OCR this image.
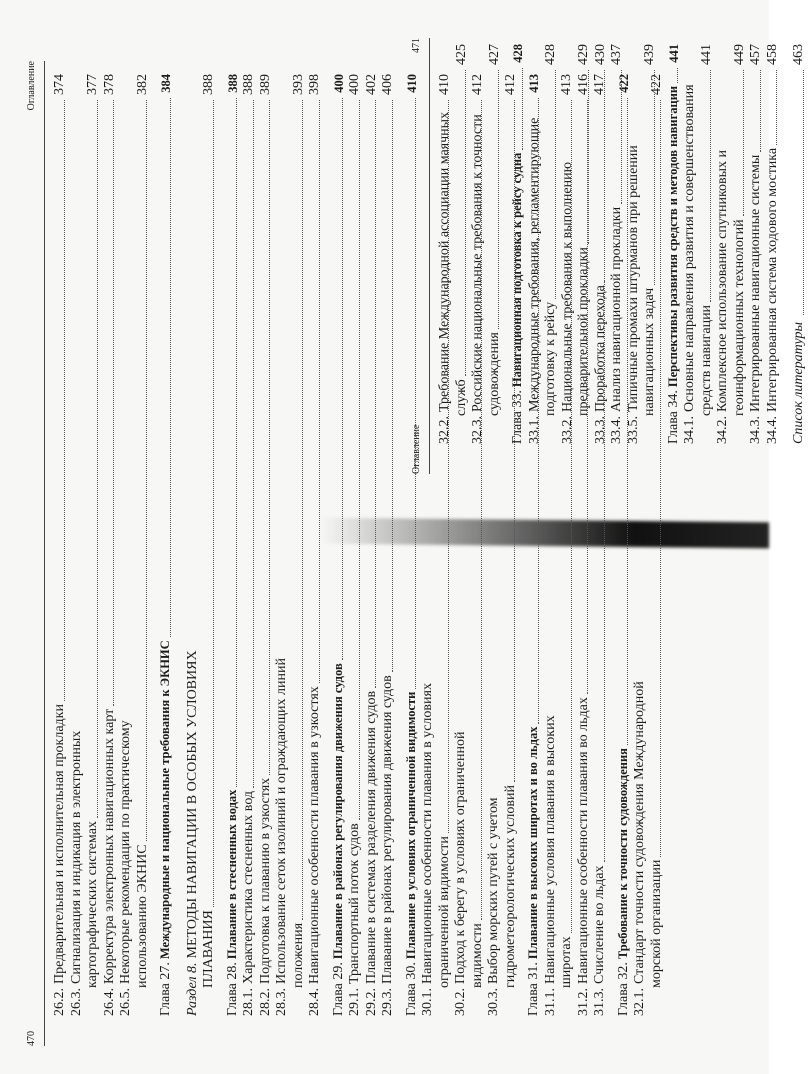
470
Оглавление
26.2.
Предварительная и исполнительная прокладки
374
26.3.
Сигнализация и индикация в электронных картографических системах
377
26.4.
Корректура электронных навигационных карт
378
26.5.
Некоторые рекомендации по практическому использованию ЭКНИС
382
Глава 27.Международные и национальные требования к ЭКНИС
384
Раздел 8.МЕТОДЫ НАВИГАЦИИ В ОСОБЫХ УСЛОВИЯХ ПЛАВАНИЯ
388
Глава 28.Плавание в стесненных водах
388
28.1.
Характеристика стесненных вод
388
28.2.
Подготовка к плаванию в узкостях
389
28.3.
Использование сеток изолиний и ограждающих линий положения
393
28.4.
Навигационные особенности плавания в узкостях
398
Глава 29.Плавание в районах регулирования движения судов
400
29.1.
Транспортный поток судов
400
29.2.
Плавание в системах разделения движения судов
402
29.3.
Плавание в районах регулирования движения судов
406
Глава 30.Плавание в условиях ограниченной видимости
410
30.1.
Навигационные особенности плавания в условиях ограниченной видимости
410
30.2.
Подход к берегу в условиях ограниченной видимости
412
30.3.
Выбор морских путей с учетом гидрометеорологических условий
412
Глава 31.Плавание в высоких широтах и во льдах
413
31.1.
Навигационные условия плавания в высоких широтах
413
31.2.
Навигационные особенности плавания во льдах
416
31.3.
Счисление во льдах
417
Глава 32.Требование к точности судовождения
422
32.1.
Стандарт точности судовождения Международной морской организации
422
Оглавление
471
32.2.
Требование Международной ассоциации маячных служб
425
32.3.
Российские национальные требования к точности судовождения
427
Глава 33.Навигационная подготовка к рейсу судна
428
33.1.
Международные требования, регламентирующие подготовку к рейсу
428
33.2.
Национальные требования к выполнению предварительной прокладки
429
33.3.
Проработка перехода
430
33.4.
Анализ навигационной прокладки
437
33.5.
Типичные промахи штурманов при решении навигационных задач
439
Глава 34.Перспективы развития средств и методов навигации
441
34.1.
Основные направления развития и совершенствования средств навигации
441
34.2.
Комплексное использование спутниковых и геоинформационных технологий
449
34.3.
Интегрированные навигационные системы
457
34.4.
Интегрированная система ходового мостика
458
Список литературы
463
